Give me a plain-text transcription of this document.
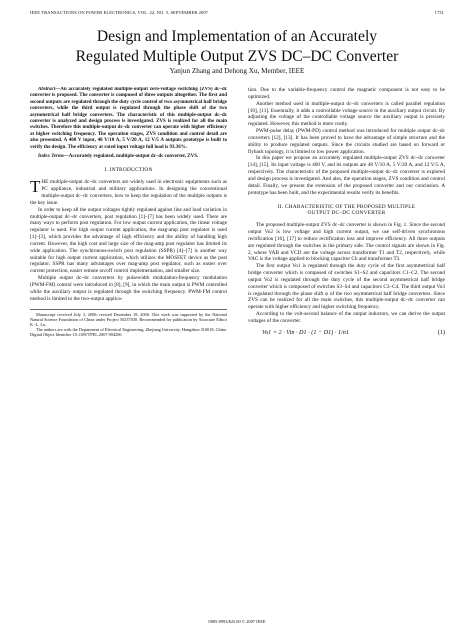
IEEE TRANSACTIONS ON POWER ELECTRONICS, VOL. 22, NO. 5, SEPTEMBER 2007	1731
Design and Implementation of an Accurately
Regulated Multiple Output ZVS DC–DC Converter
Yanjun Zhang and Dehong Xu, Member, IEEE

Abstract—An accurately regulated multiple-output zero-voltage switching (ZVS) dc–dc converter is proposed. The converter is composed of three outputs altogether. The first and second outputs are regulated through the duty cycle control of two asymmetrical half bridge converters, while the third output is regulated through the phase shift of the two asymmetrical half bridge converters. The characteristic of this multiple-output dc–dc converter is analyzed and design process is investigated. ZVS is realized for all the main switches. Therefore this multiple-output dc–dc converter can operate with higher efficiency at higher switching frequency. The operation stages, ZVS condition and control detail are also presented. A 400 V input, 48 V/10 A, 5 V/20 A, 12 V/5 A outputs prototype is built to verify the design. The efficiency at rated input voltage full load is 93.36%.

Index Terms—Accurately regulated, multiple-output dc–dc converter, ZVS.

I. INTRODUCTION

THE multiple-output dc–dc converters are widely used in electronic equipments such as PC appliance, industrial and military applications. In designing the conventional multiple-output dc–dc converters, how to keep the regulation of the multiple outputs is the key issue.

In order to keep all the output voltages tightly regulated against line and load variation in multiple-output dc–dc converters, post regulation [1]–[7] has been widely used. There are many ways to perform post regulation. For low output current application, the linear voltage regulator is used. For high output current application, the mag-amp post regulator is used [1]–[3], which provides the advantage of high efficiency and the ability of handling high current. However, the high cost and large size of the mag-amp post regulator has limited its wide application. The synchronous-switch post regulation (SSPR) [4]–[7] is another way suitable for high output current application, which utilizes the MOSFET device as the post regulator. SSPR has many advantages over mag-amp post regulator, such as easier over current protection, easier remote on/off control implementation, and smaller size.

Multiple output dc–dc converters by pulsewidth modulation-frequency modulation (PWM-FM) control were introduced in [8], [9], in which the main output is PWM controlled while the auxiliary output is regulated through the switching frequency. PWM-FM control method is limited to the two-output applica-

Manuscript received July 3, 2006; revised December 18, 2006. This work was supported by the National Natural Science Foundation of China under Project 50237030. Recommended for publication by Associate Editor K.-L. Lu.

The authors are with the Department of Electrical Engineering, Zhejiang University, Hangzhou 310018, China.

Digital Object Identifier 10.1109/TPEL.2007.904206

tion. Due to the variable-frequency control the magnetic component is not easy to be optimized.

Another method used in multiple-output dc–dc converters is called parallel regulation [10], [11]. Essentially, it adds a controllable voltage source in the auxiliary output circuit. By adjusting the voltage of the controllable voltage source the auxiliary output is precisely regulated. However, this method is more costly.

PWM-pulse delay (PWM-PD) control method was introduced for multiple output dc–dc converters [12], [13]. It has been proved to have the advantage of simple structure and the ability to produce regulated outputs. Since the circuits studied are based on forward or flyback topology, it is limited to low power application.

In this paper we propose an accurately regulated multiple-output ZVS dc–dc converter [14], [15]. Its input voltage is 400 V, and its outputs are 48 V/10 A, 5 V/20 A, and 12 V/5 A, respectively. The characteristic of the proposed multiple-output dc–dc converter is explored and design process is investigated. And also, the operation stages, ZVS condition and control detail. Finally, we present the extension of the proposed converter and our conclusion. A prototype has been built, and the experimental results verify its benefits.

II. CHARACTERISTIC OF THE PROPOSED MULTIPLE
OUTPUT DC–DC CONVERTER

The proposed multiple-output ZVS dc–dc converter is shown in Fig. 1. Since the second output Vo2 is low voltage and high current output, we use self-driven synchronous rectification [16], [17] to reduce rectification loss and improve efficiency. All three outputs are regulated through the switches in the primary side. The control signals are shown in Fig. 2, where VAB and VCD are the voltage across transformer T1 and T2, respectively, while VAC is the voltage applied to blocking capacitor Cb and transformer T3.

The first output Vo1 is regulated through the duty cycle of the first asymmetrical half bridge converter which is composed of switches S1–S2 and capacitors C1–C2. The second output Vo2 is regulated through the duty cycle of the second asymmetrical half bridge converter which is composed of switches S3–S4 and capacitors C3–C4. The third output Vo3 is regulated through the phase shift φ of the two asymmetrical half bridge converters. Since ZVS can be realized for all the main switches, this multiple-output dc–dc converter can operate with higher efficiency and higher switching frequency.

According to the volt-second balance of the output inductors, we can derive the output voltages of the converter.

Vo1 = 2 · Vin · D1 · (1 − D1) · 1/n1	(1)
0885-8993/$25.00 © 2007 IEEE
